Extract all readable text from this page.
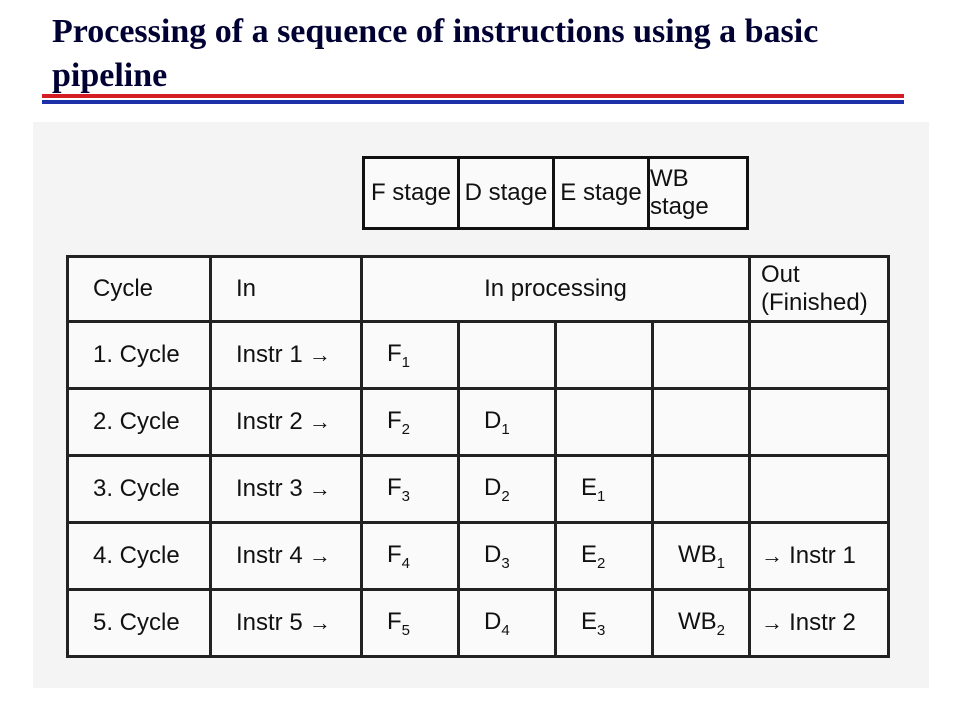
Processing of a sequence of instructions using a basic pipeline
F stage D stage E stage
WB stage
Cycle	In	In processing				Out (Finished)
1. Cycle	Instr 1 →	$F_1$				
2. Cycle	Instr 2 →	$F_2$	$D_1$			
3. Cycle	Instr 3 →	$F_3$	$D_2$	$E_1$		
4. Cycle	Instr 4 →	$F_4$	$D_3$	$E_2$	$WB_1$	→ Instr 1
5. Cycle	Instr 5 →	$F_5$	$D_4$	$E_3$	$WB_2$	→ Instr 2
